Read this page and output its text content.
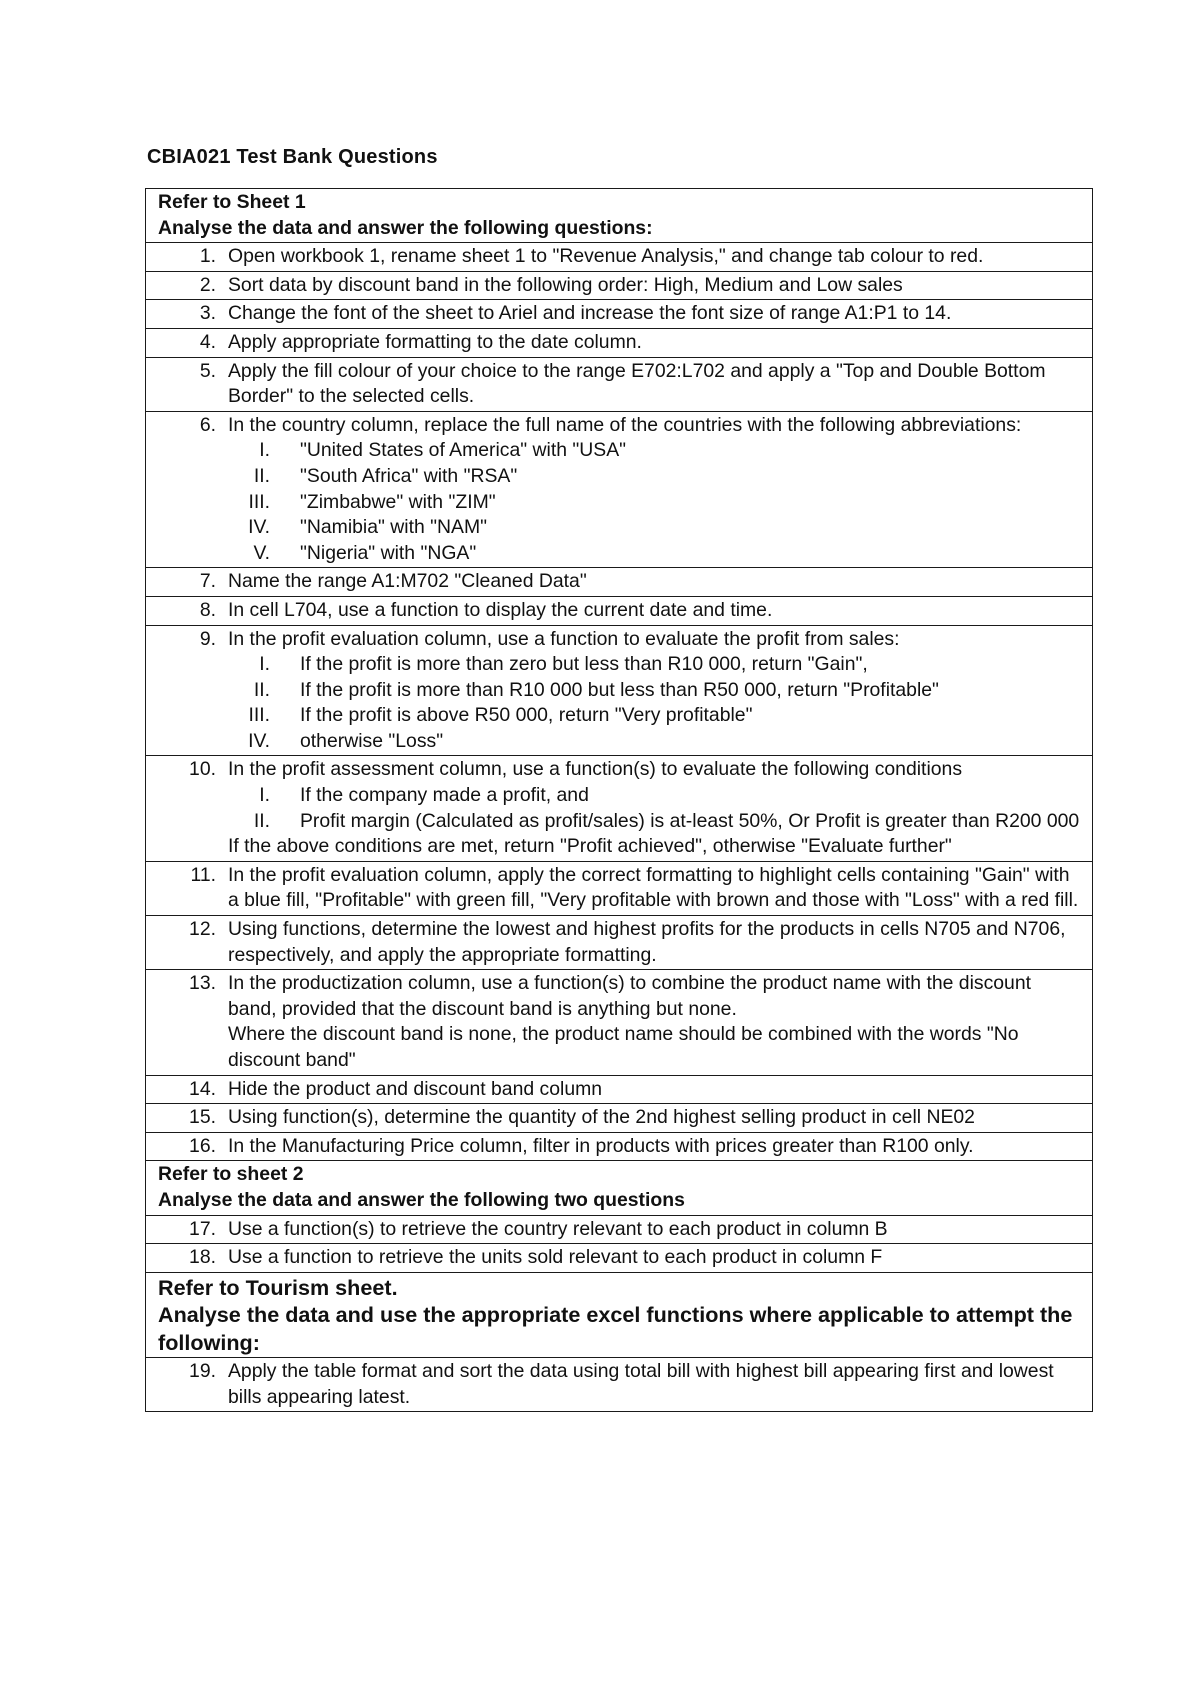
CBIA021 Test Bank Questions
Refer to Sheet 1
Analyse the data and answer the following questions:

1. Open workbook 1, rename sheet 1 to "Revenue Analysis," and change tab colour to red.

2. Sort data by discount band in the following order: High, Medium and Low sales

3. Change the font of the sheet to Ariel and increase the font size of range A1:P1 to 14.

4. Apply appropriate formatting to the date column.

5. Apply the fill colour of your choice to the range E702:L702 and apply a "Top and Double Bottom Border" to the selected cells.

6. In the country column, replace the full name of the countries with the following abbreviations:
I.	"United States of America" with "USA"
II.	"South Africa" with "RSA"
III.	"Zimbabwe" with "ZIM"
IV.	"Namibia" with "NAM"
V.	"Nigeria" with "NGA"

7. Name the range A1:M702 "Cleaned Data"

8. In cell L704, use a function to display the current date and time.

9. In the profit evaluation column, use a function to evaluate the profit from sales:
I.	If the profit is more than zero but less than R10 000, return "Gain",
II.	If the profit is more than R10 000 but less than R50 000, return "Profitable"
III.	If the profit is above R50 000, return "Very profitable"
IV.	otherwise "Loss"

10. In the profit assessment column, use a function(s) to evaluate the following conditions
I.	If the company made a profit, and
II.	Profit margin (Calculated as profit/sales) is at-least 50%, Or Profit is greater than R200 000
If the above conditions are met, return "Profit achieved", otherwise "Evaluate further"

11. In the profit evaluation column, apply the correct formatting to highlight cells containing "Gain" with a blue fill, "Profitable" with green fill, "Very profitable with brown and those with "Loss" with a red fill.

12. Using functions, determine the lowest and highest profits for the products in cells N705 and N706, respectively, and apply the appropriate formatting.

13. In the productization column, use a function(s) to combine the product name with the discount band, provided that the discount band is anything but none.
Where the discount band is none, the product name should be combined with the words "No discount band"

14. Hide the product and discount band column

15. Using function(s), determine the quantity of the 2nd highest selling product in cell NE02

16. In the Manufacturing Price column, filter in products with prices greater than R100 only.

Refer to sheet 2
Analyse the data and answer the following two questions

17. Use a function(s) to retrieve the country relevant to each product in column B

18. Use a function to retrieve the units sold relevant to each product in column F

Refer to Tourism sheet.
Analyse the data and use the appropriate excel functions where applicable to attempt the following:

19. Apply the table format and sort the data using total bill with highest bill appearing first and lowest bills appearing latest.
